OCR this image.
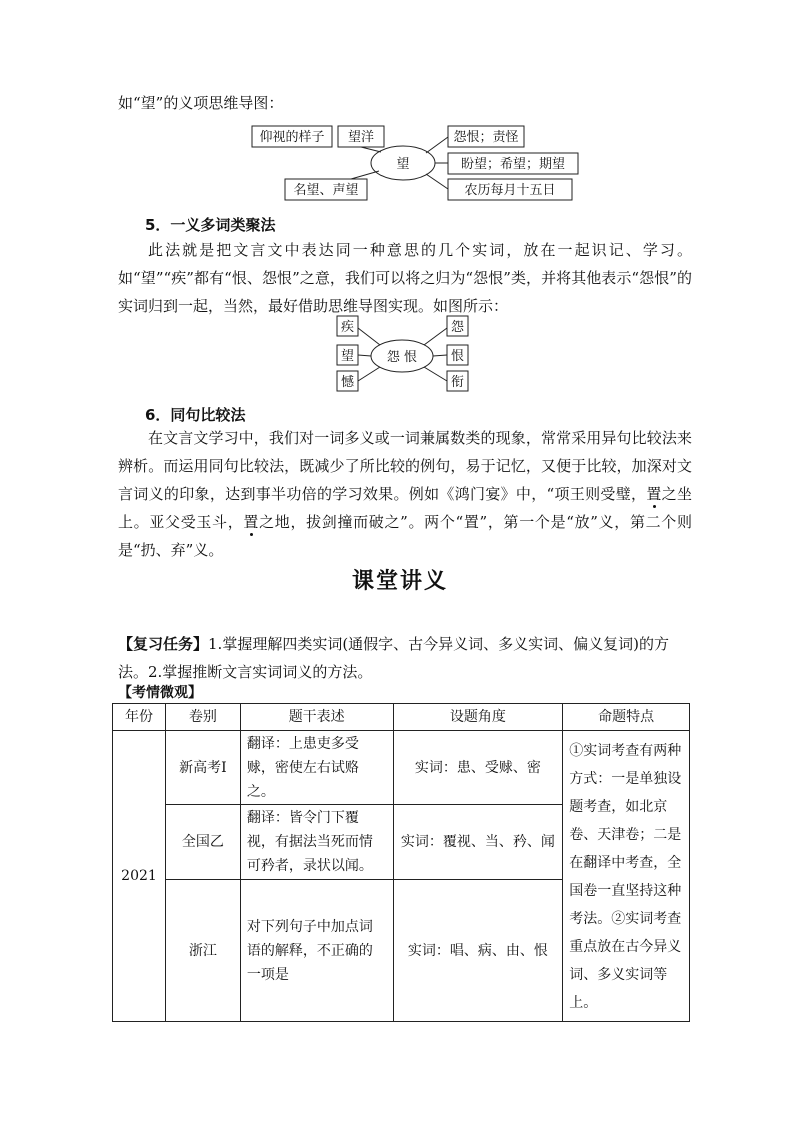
如“望”的义项思维导图：
仰视的样子 望洋
名望、声望
怨恨；责怪
盼望；希望；期望
农历每月十五日
望
5．一义多词类聚法
此法就是把文言文中表达同一种意思的几个实词，放在一起识记、学习。如“望”“疾”都有“恨、怨恨”之意，我们可以将之归为“怨恨”类，并将其他表示“怨恨”的实词归到一起，当然，最好借助思维导图实现。如图所示：
疾
望
憾
怨
恨
衔
怨 恨
6．同句比较法
在文言文学习中，我们对一词多义或一词兼属数类的现象，常常采用异句比较法来辨析。而运用同句比较法，既减少了所比较的例句，易于记忆，又便于比较，加深对文言词义的印象，达到事半功倍的学习效果。例如《鸿门宴》中，“项王则受璧，置之坐上。亚父受玉斗，置之地，拔剑撞而破之”。两个“置”，第一个是“放”义，第二个则是“扔、弃”义。
课堂讲义
【复习任务】1.掌握理解四类实词(通假字、古今异义词、多义实词、偏义复词)的方法。2.掌握推断文言实词词义的方法。
【考情微观】
年份	卷别	题干表述	设题角度	命题特点
2021	新高考Ⅰ	翻译：上患吏多受赇，密使左右试赂之。	实词：患、受赇、密	①实词考查有两种方式：一是单独设题考查，如北京卷、天津卷；二是在翻译中考查，全国卷一直坚持这种考法。②实词考查重点放在古今异义词、多义实词等上。
	全国乙	翻译：皆令门下覆视，有据法当死而情可矜者，录状以闻。	实词：覆视、当、矜、闻	
	浙江	对下列句子中加点词语的解释，不正确的一项是	实词：唱、病、由、恨	
